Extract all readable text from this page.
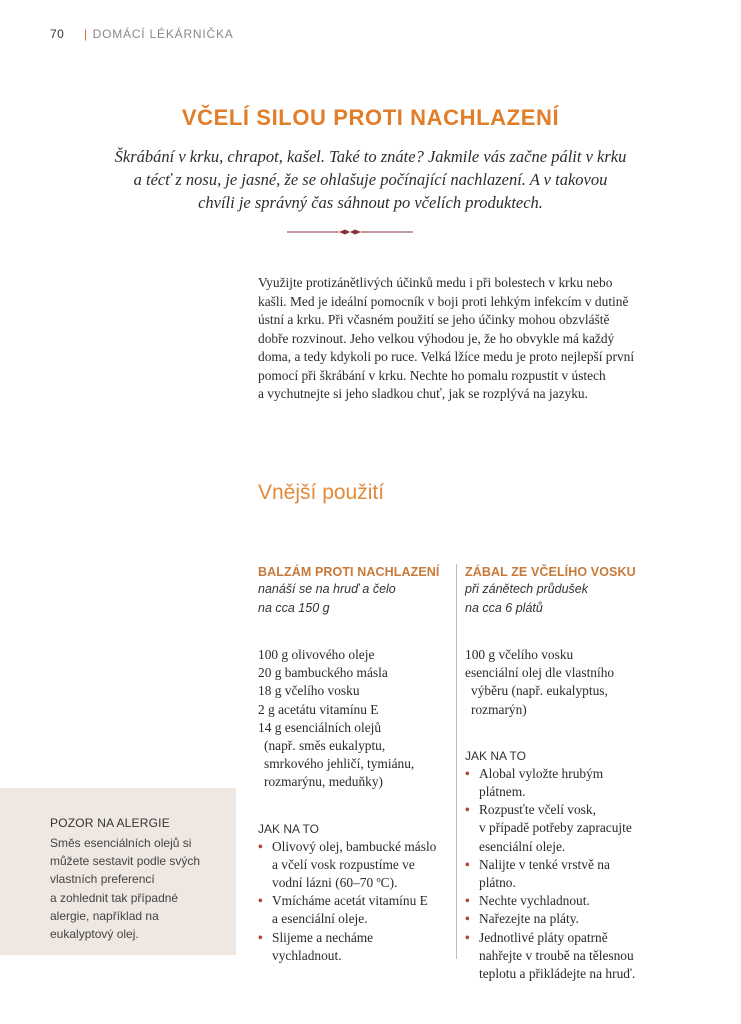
70 | DOMÁCÍ LÉKÁRNIČKA
VČELÍ SILOU PROTI NACHLAZENÍ
Škrábání v krku, chrapot, kašel. Také to znáte? Jakmile vás začne pálit v krku
a técť z nosu, je jasné, že se ohlašuje počínající nachlazení. A v takovou
chvíli je správný čas sáhnout po včelích produktech.
Využijte protizánětlivých účinků medu i při bolestech v krku nebo
kašli. Med je ideální pomocník v boji proti lehkým infekcím v dutině
ústní a krku. Při včasném použití se jeho účinky mohou obzvláště
dobře rozvinout. Jeho velkou výhodou je, že ho obvykle má každý
doma, a tedy kdykoli po ruce. Velká lžíce medu je proto nejlepší první
pomocí při škrábání v krku. Nechte ho pomalu rozpustit v ústech
a vychutnejte si jeho sladkou chuť, jak se rozplývá na jazyku.
Vnější použití
BALZÁM PROTI NACHLAZENÍ
nanáší se na hruď a čelo
na cca 150 g
100 g olivového oleje
20 g bambuckého másla
18 g včelího vosku
2 g acetátu vitamínu E
14 g esenciálních olejů
(např. směs eukalyptu,
smrkového jehličí, tymiánu,
rozmarýnu, meduňky)
JAK NA TO
• Olivový olej, bambucké máslo
a včelí vosk rozpustíme ve
vodní lázni (60–70 ºC).
• Vmícháme acetát vitamínu E
a esenciální oleje.
• Slijeme a necháme
vychladnout.
ZÁBAL ZE VČELÍHO VOSKU
při zánětech průdušek
na cca 6 plátů
100 g včelího vosku
esenciální olej dle vlastního
výběru (např. eukalyptus,
rozmarýn)
JAK NA TO
• Alobal vyložte hrubým
plátnem.
• Rozpusťte včelí vosk,
v případě potřeby zapracujte
esenciální oleje.
• Nalijte v tenké vrstvě na
plátno.
• Nechte vychladnout.
• Nařezejte na pláty.
• Jednotlivé pláty opatrně
nahřejte v troubě na tělesnou
teplotu a přikládejte na hruď.
POZOR NA ALERGIE
Směs esenciálních olejů si
můžete sestavit podle svých
vlastních preferencí
a zohlednit tak případné
alergie, například na
eukalyptový olej.
